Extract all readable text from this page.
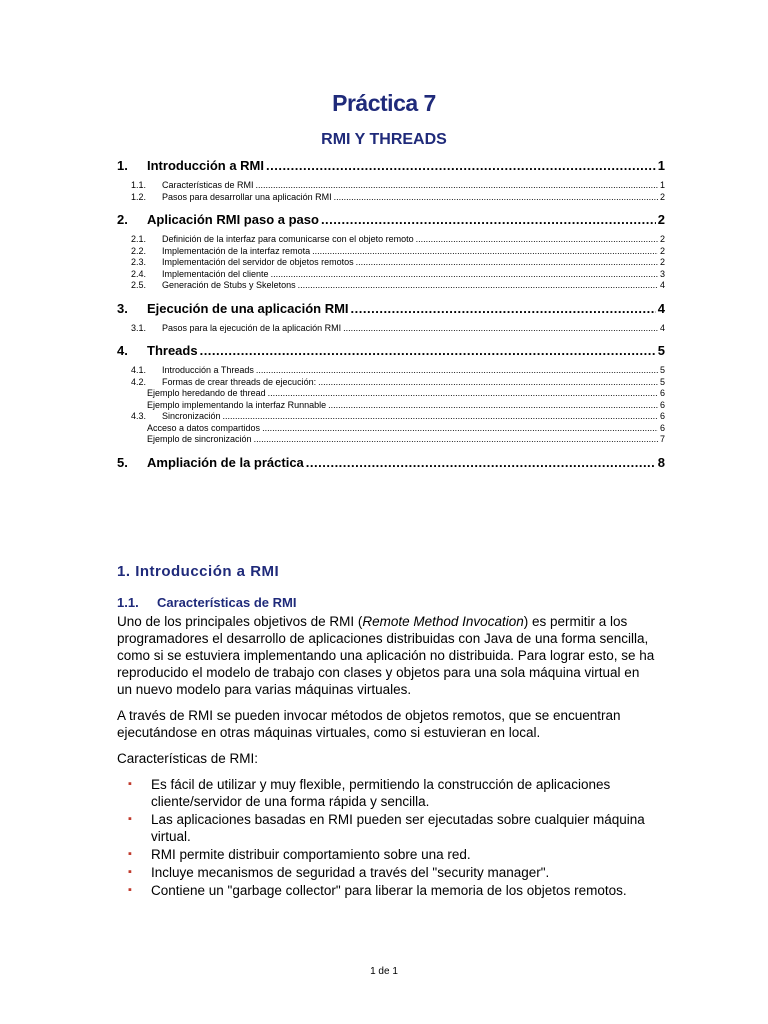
Práctica 7
RMI Y THREADS
1.	Introducción a RMI .....	1
1.1.	Características de RMI .....	1
1.2.	Pasos para desarrollar una aplicación RMI .....	2
2.	Aplicación RMI paso a paso .....	2
2.1.	Definición de la interfaz para comunicarse con el objeto remoto .....	2
2.2.	Implementación de la interfaz remota .....	2
2.3.	Implementación del servidor de objetos remotos .....	2
2.4.	Implementación del cliente .....	3
2.5.	Generación de Stubs y Skeletons .....	4
3.	Ejecución de una aplicación RMI .....	4
3.1.	Pasos para la ejecución de la aplicación RMI .....	4
4.	Threads .....	5
4.1.	Introducción a Threads .....	5
4.2.	Formas de crear threads de ejecución: .....	5
Ejemplo heredando de thread .....	6
Ejemplo implementando la interfaz Runnable .....	6
4.3.	Sincronización .....	6
Acceso a datos compartidos .....	6
Ejemplo de sincronización .....	7
5.	Ampliación de la práctica .....	8
1. Introducción a RMI
1.1. Características de RMI

Uno de los principales objetivos de RMI (Remote Method Invocation) es permitir a los programadores el desarrollo de aplicaciones distribuidas con Java de una forma sencilla, como si se estuviera implementando una aplicación no distribuida. Para lograr esto, se ha reproducido el modelo de trabajo con clases y objetos para una sola máquina virtual en un nuevo modelo para varias máquinas virtuales.

A través de RMI se pueden invocar métodos de objetos remotos, que se encuentran ejecutándose en otras máquinas virtuales, como si estuvieran en local.

Características de RMI:

▪ Es fácil de utilizar y muy flexible, permitiendo la construcción de aplicaciones cliente/servidor de una forma rápida y sencilla.
▪ Las aplicaciones basadas en RMI pueden ser ejecutadas sobre cualquier máquina virtual.
▪ RMI permite distribuir comportamiento sobre una red.
▪ Incluye mecanismos de seguridad a través del "security manager".
▪ Contiene un "garbage collector" para liberar la memoria de los objetos remotos.
1 de 1
